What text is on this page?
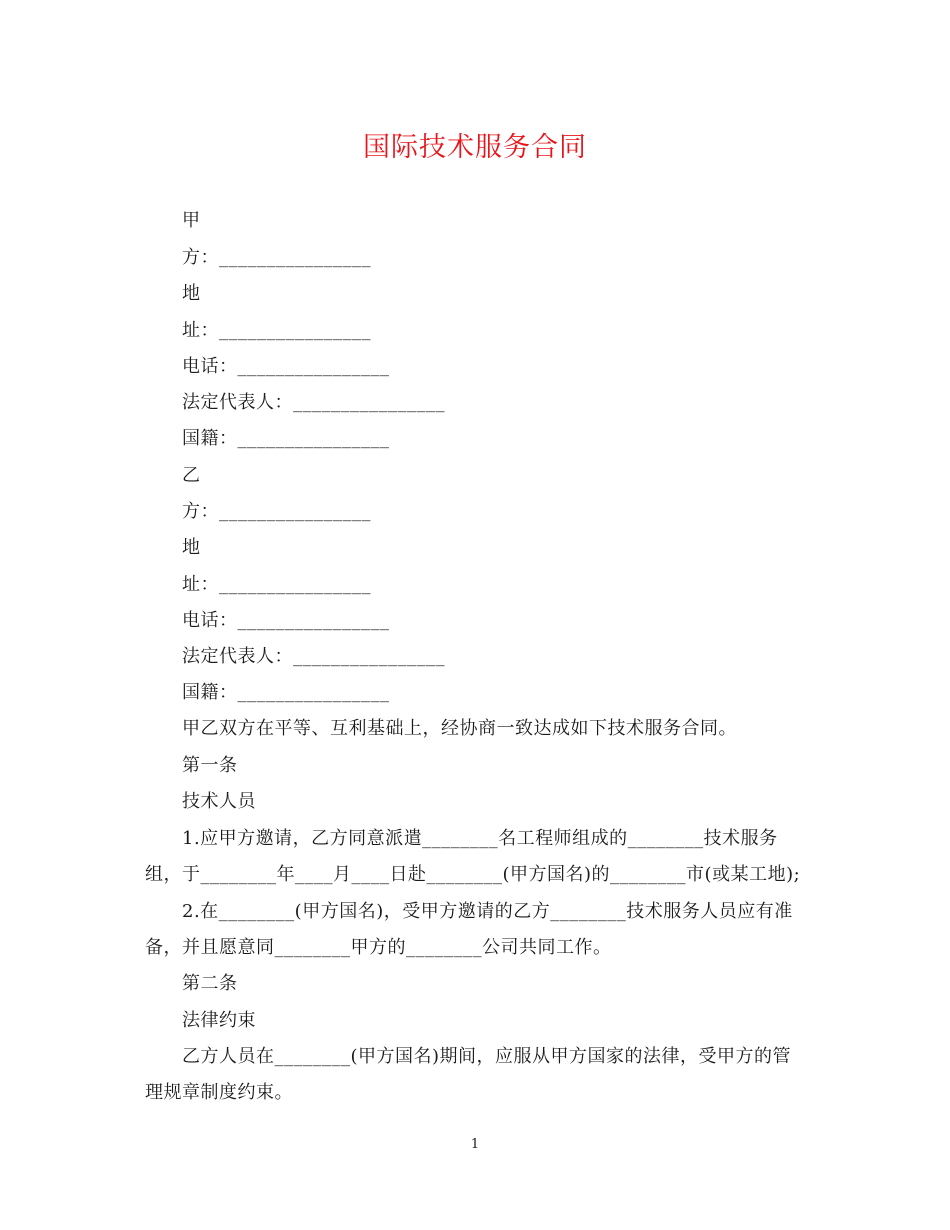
国际技术服务合同
甲
方：________________
地
址：________________
电话：________________
法定代表人：________________
国籍：________________
乙
方：________________
地
址：________________
电话：________________
法定代表人：________________
国籍：________________
甲乙双方在平等、互利基础上，经协商一致达成如下技术服务合同。
第一条
技术人员
1.应甲方邀请，乙方同意派遣________名工程师组成的________技术服务
组，于________年____月____日赴________(甲方国名)的________市(或某工地);
2.在________(甲方国名)，受甲方邀请的乙方________技术服务人员应有准
备，并且愿意同________甲方的________公司共同工作。
第二条
法律约束
乙方人员在________(甲方国名)期间，应服从甲方国家的法律，受甲方的管
理规章制度约束。
1
